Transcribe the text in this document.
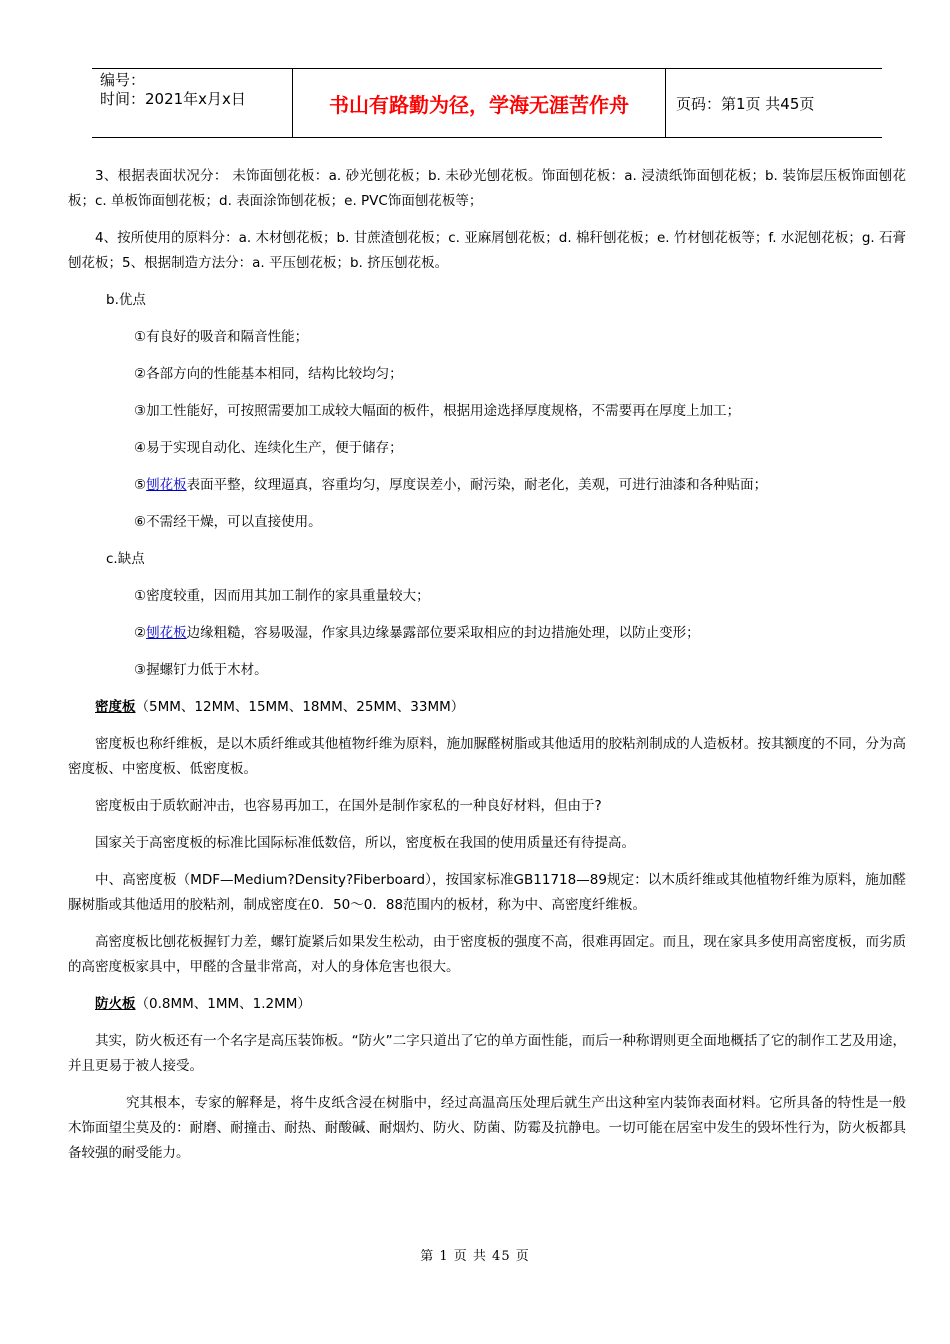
编号：
时间：2021年x月x日	书山有路勤为径，学海无涯苦作舟	页码：第1页 共45页

3、根据表面状况分： 未饰面刨花板：a. 砂光刨花板；b. 未砂光刨花板。饰面刨花板：a. 浸渍纸饰面刨花板；b. 装饰层压板饰面刨花板；c. 单板饰面刨花板；d. 表面涂饰刨花板；e. PVC饰面刨花板等；

4、按所使用的原料分：a. 木材刨花板；b. 甘蔗渣刨花板；c. 亚麻屑刨花板；d. 棉秆刨花板；e. 竹材刨花板等；f. 水泥刨花板；g. 石膏刨花板；5、根据制造方法分：a. 平压刨花板；b. 挤压刨花板。

b.优点

①有良好的吸音和隔音性能；

②各部方向的性能基本相同，结构比较均匀；

③加工性能好，可按照需要加工成较大幅面的板件，根据用途选择厚度规格，不需要再在厚度上加工；

④易于实现自动化、连续化生产，便于储存；

⑤刨花板表面平整，纹理逼真，容重均匀，厚度误差小，耐污染，耐老化，美观，可进行油漆和各种贴面；

⑥不需经干燥，可以直接使用。

c.缺点

①密度较重，因而用其加工制作的家具重量较大；

②刨花板边缘粗糙，容易吸湿，作家具边缘暴露部位要采取相应的封边措施处理，以防止变形；

③握螺钉力低于木材。

密度板（5MM、12MM、15MM、18MM、25MM、33MM）

密度板也称纤维板，是以木质纤维或其他植物纤维为原料，施加脲醛树脂或其他适用的胶粘剂制成的人造板材。按其额度的不同，分为高密度板、中密度板、低密度板。

密度板由于质软耐冲击，也容易再加工，在国外是制作家私的一种良好材料，但由于?

国家关于高密度板的标准比国际标准低数倍，所以，密度板在我国的使用质量还有待提高。

中、高密度板（MDF—Medium?Density?Fiberboard），按国家标准GB11718—89规定：以木质纤维或其他植物纤维为原料，施加醛脲树脂或其他适用的胶粘剂，制成密度在0．50～0．88范围内的板材，称为中、高密度纤维板。

高密度板比刨花板握钉力差，螺钉旋紧后如果发生松动，由于密度板的强度不高，很难再固定。而且，现在家具多使用高密度板，而劣质的高密度板家具中，甲醛的含量非常高，对人的身体危害也很大。

防火板（0.8MM、1MM、1.2MM）

其实，防火板还有一个名字是高压装饰板。“防火”二字只道出了它的单方面性能，而后一种称谓则更全面地概括了它的制作工艺及用途，并且更易于被人接受。

究其根本，专家的解释是，将牛皮纸含浸在树脂中，经过高温高压处理后就生产出这种室内装饰表面材料。它所具备的特性是一般木饰面望尘莫及的：耐磨、耐撞击、耐热、耐酸碱、耐烟灼、防火、防菌、防霉及抗静电。一切可能在居室中发生的毁坏性行为，防火板都具备较强的耐受能力。

第 1 页 共 45 页
